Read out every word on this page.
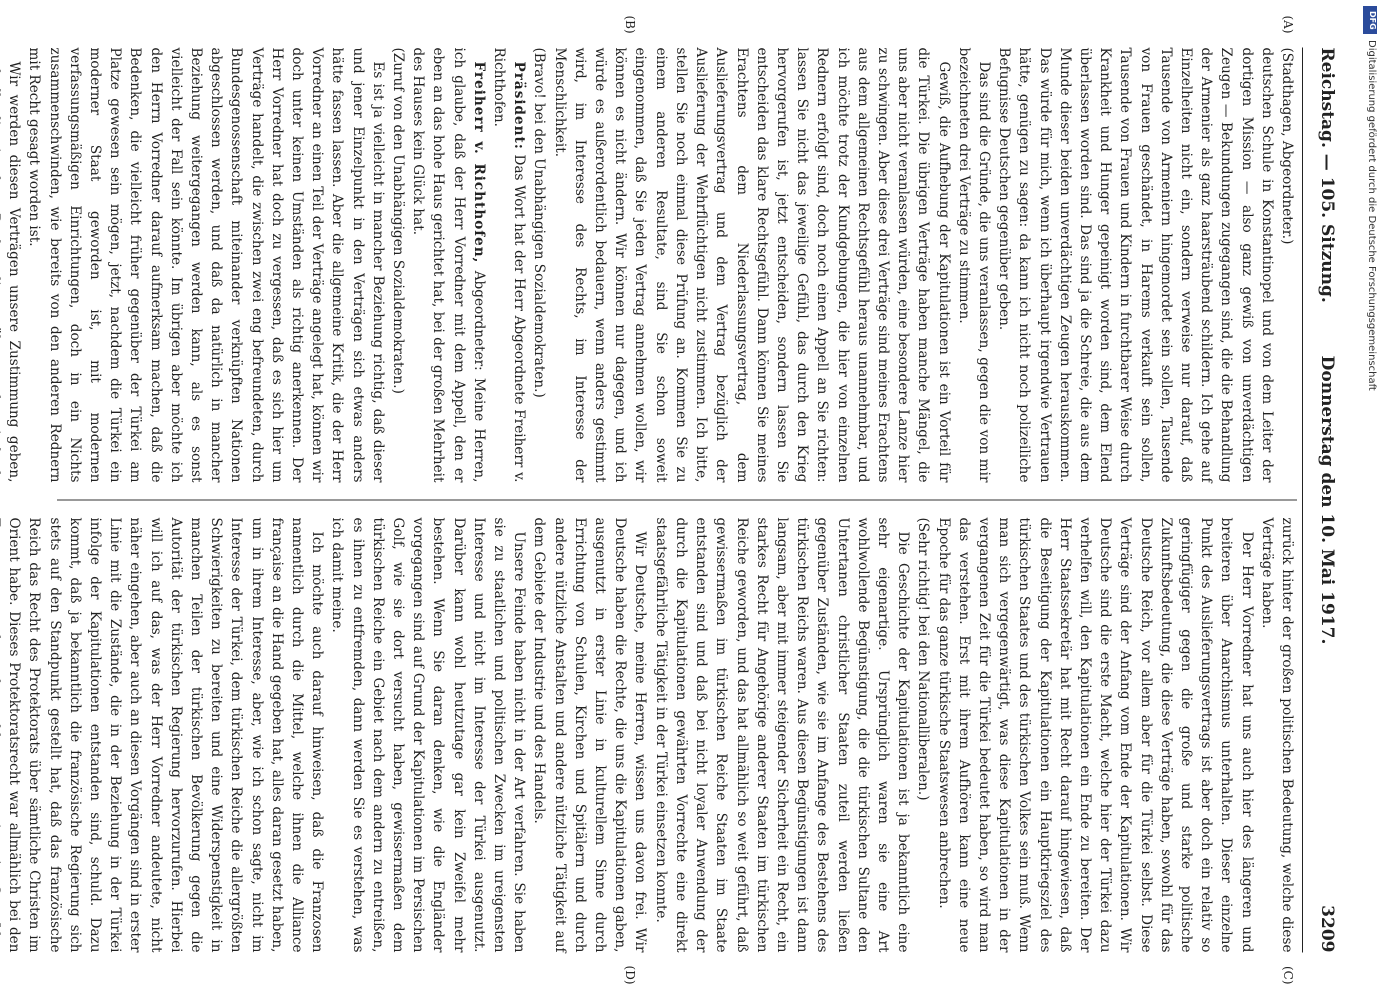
Reichstag. — 105. Sitzung.
Donnerstag den 10. Mai 1917.
3209
(A)
(B)
(C)
(D)

(Stadthagen, Abgeordneter.)

deutschen Schule in Konstantinopel und von dem Leiter der dortigen Mission — also ganz gewiß von unverdächtigen Zeugen — Bekundungen zugegangen sind, die die Behandlung der Armenier als ganz haarsträubend schildern. Ich gehe auf Einzelheiten nicht ein, sondern verweise nur darauf, daß Tausende von Armeniern hingemordet sein sollen, Tausende von Frauen geschändet, in Harems verkauft sein sollen, Tausende von Frauen und Kindern in furchtbarer Weise durch Krankheit und Hunger gepeinigt worden sind, dem Elend überlassen worden sind. Das sind ja die Schreie, die aus dem Munde dieser beiden unverdächtigen Zeugen herauskommen. Das würde für mich, wenn ich überhaupt irgendwie Vertrauen hätte, genügen zu sagen: da kann ich nicht noch polizeiliche Befugnisse Deutschen gegenüber geben.

Das sind die Gründe, die uns veranlassen, gegen die von mir bezeichneten drei Verträge zu stimmen.

Gewiß, die Aufhebung der Kapitulationen ist ein Vorteil für die Türkei. Die übrigen Verträge haben manche Mängel, die uns aber nicht veranlassen würden, eine besondere Lanze hier zu schwingen. Aber diese drei Verträge sind meines Erachtens aus dem allgemeinen Rechtsgefühl heraus unannehmbar, und ich möchte trotz der Kundgebungen, die hier von einzelnen Rednern erfolgt sind, doch noch einen Appell an Sie richten: lassen Sie nicht das jeweilige Gefühl, das durch den Krieg hervorgerufen ist, jetzt entscheiden, sondern lassen Sie entscheiden das klare Rechtsgefühl. Dann können Sie meines Erachtens dem Niederlassungsvertrag, dem Auslieferungsvertrag und dem Vertrag bezüglich der Auslieferung der Wehrflüchtigen nicht zustimmen. Ich bitte, stellen Sie noch einmal diese Prüfung an. Kommen Sie zu einem anderen Resultate, sind Sie schon soweit eingenommen, daß Sie jeden Vertrag annehmen wollen, wir können es nicht ändern. Wir können nur dagegen, und ich würde es außerordentlich bedauern, wenn anders gestimmt wird, im Interesse des Rechts, im Interesse der Menschlichkeit.

(Bravo! bei den Unabhängigen Sozialdemokraten.)

Präsident: Das Wort hat der Herr Abgeordnete Freiherr v. Richthofen.

Freiherr v. Richthofen, Abgeordneter: Meine Herren, ich glaube, daß der Herr Vorredner mit dem Appell, den er eben an das hohe Haus gerichtet hat, bei der großen Mehrheit des Hauses kein Glück hat.

(Zuruf von den Unabhängigen Sozialdemokraten.)

Es ist ja vielleicht in mancher Beziehung richtig, daß dieser und jener Einzelpunkt in den Verträgen sich etwas anders hätte fassen lassen. Aber die allgemeine Kritik, die der Herr Vorredner an einen Teil der Verträge angelegt hat, können wir doch unter keinen Umständen als richtig anerkennen. Der Herr Vorredner hat doch zu vergessen, daß es sich hier um Verträge handelt, die zwischen zwei eng befreundeten, durch Bundesgenossenschaft miteinander verknüpften Nationen abgeschlossen werden, und daß da natürlich in mancher Beziehung weitergegangen werden kann, als es sonst vielleicht der Fall sein könnte. Im übrigen aber möchte ich den Herrn Vorredner darauf aufmerksam machen, daß die Bedenken, die vielleicht früher gegenüber der Türkei am Platze gewesen sein mögen, jetzt, nachdem die Türkei ein moderner Staat geworden ist, mit modernen verfassungsmäßigen Einrichtungen, doch in ein Nichts zusammenschwinden, wie bereits von den anderen Rednern mit Recht gesagt worden ist.

Wir werden diesen Verträgen unsere Zustimmung geben,

zurück hinter der großen politischen Bedeutung, welche diese Verträge haben.

Der Herr Vorredner hat uns auch hier des längeren und breiteren über Anarchismus unterhalten. Dieser einzelne Punkt des Auslieferungsvertrags ist aber doch ein relativ so geringfügiger gegen die große und starke politische Zukunftsbedeutung, die diese Verträge haben, sowohl für das Deutsche Reich, vor allem aber für die Türkei selbst. Diese Verträge sind der Anfang vom Ende der Kapitulationen. Wir Deutsche sind die erste Macht, welche hier der Türkei dazu verhelfen will, den Kapitulationen ein Ende zu bereiten. Der Herr Staatssekretär hat mit Recht darauf hingewiesen, daß die Beseitigung der Kapitulationen ein Hauptkriegsziel des türkischen Staates und des türkischen Volkes sein muß. Wenn man sich vergegenwärtigt, was diese Kapitulationen in der vergangenen Zeit für die Türkei bedeutet haben, so wird man das verstehen. Erst mit ihrem Aufhören kann eine neue Epoche für das ganze türkische Staatswesen anbrechen.

(Sehr richtig! bei den Nationalliberalen.)

Die Geschichte der Kapitulationen ist ja bekanntlich eine sehr eigenartige. Ursprünglich waren sie eine Art wohlwollende Begünstigung, die die türkischen Sultane den Untertanen christlicher Staaten zuteil werden ließen gegenüber Zuständen, wie sie im Anfange des Bestehens des türkischen Reichs waren. Aus diesen Begünstigungen ist dann langsam, aber mit immer steigender Sicherheit ein Recht, ein starkes Recht für Angehörige anderer Staaten im türkischen Reiche geworden, und das hat allmählich so weit geführt, daß gewissermaßen im türkischen Reiche Staaten im Staate entstanden sind und daß bei nicht loyaler Anwendung der durch die Kapitulationen gewährten Vorrechte eine direkt staatsgefährliche Tätigkeit in der Türkei einsetzen konnte.

Wir Deutsche, meine Herren, wissen uns davon frei. Wir Deutsche haben die Rechte, die uns die Kapitulationen gaben, ausgenutzt in erster Linie in kulturellem Sinne durch Errichtung von Schulen, Kirchen und Spitälern und durch andere nützliche Anstalten und andere nützliche Tätigkeit auf dem Gebiete der Industrie und des Handels.

Unsere Feinde haben nicht in der Art verfahren. Sie haben sie zu staatlichen und politischen Zwecken im ureigensten Interesse und nicht im Interesse der Türkei ausgenutzt. Darüber kann wohl heutzutage gar kein Zweifel mehr bestehen. Wenn Sie daran denken, wie die Engländer vorgegangen sind auf Grund der Kapitulationen im Persischen Golf, wie sie dort versucht haben, gewissermaßen dem türkischen Reiche ein Gebiet nach dem andern zu entreißen, es ihnen zu entfremden, dann werden Sie es verstehen, was ich damit meine.

Ich möchte auch darauf hinweisen, daß die Franzosen namentlich durch die Mittel, welche ihnen die Alliance française an die Hand gegeben hat, alles daran gesetzt haben, um in ihrem Interesse, aber, wie ich schon sagte, nicht im Interesse der Türkei, dem türkischen Reiche die allergrößten Schwierigkeiten zu bereiten und eine Widerspenstigkeit in manchen Teilen der türkischen Bevölkerung gegen die Autorität der türkischen Regierung hervorzurufen. Hierbei will ich auf das, was der Herr Vorredner andeutete, nicht näher eingehen, aber auch an diesen Vorgängen sind in erster Linie mit die Zustände, die in der Beziehung in der Türkei infolge der Kapitulationen entstanden sind, schuld. Dazu kommt, daß ja bekanntlich die französische Regierung sich stets auf den Standpunkt gestellt hat, daß das französische Reich das Recht des Protektorats über sämtliche Christen im Orient habe. Dieses Protektoratsrecht war allmählich bei den

DFG
Digitalisierung gefördert durch die Deutsche Forschungsgemeinschaft
